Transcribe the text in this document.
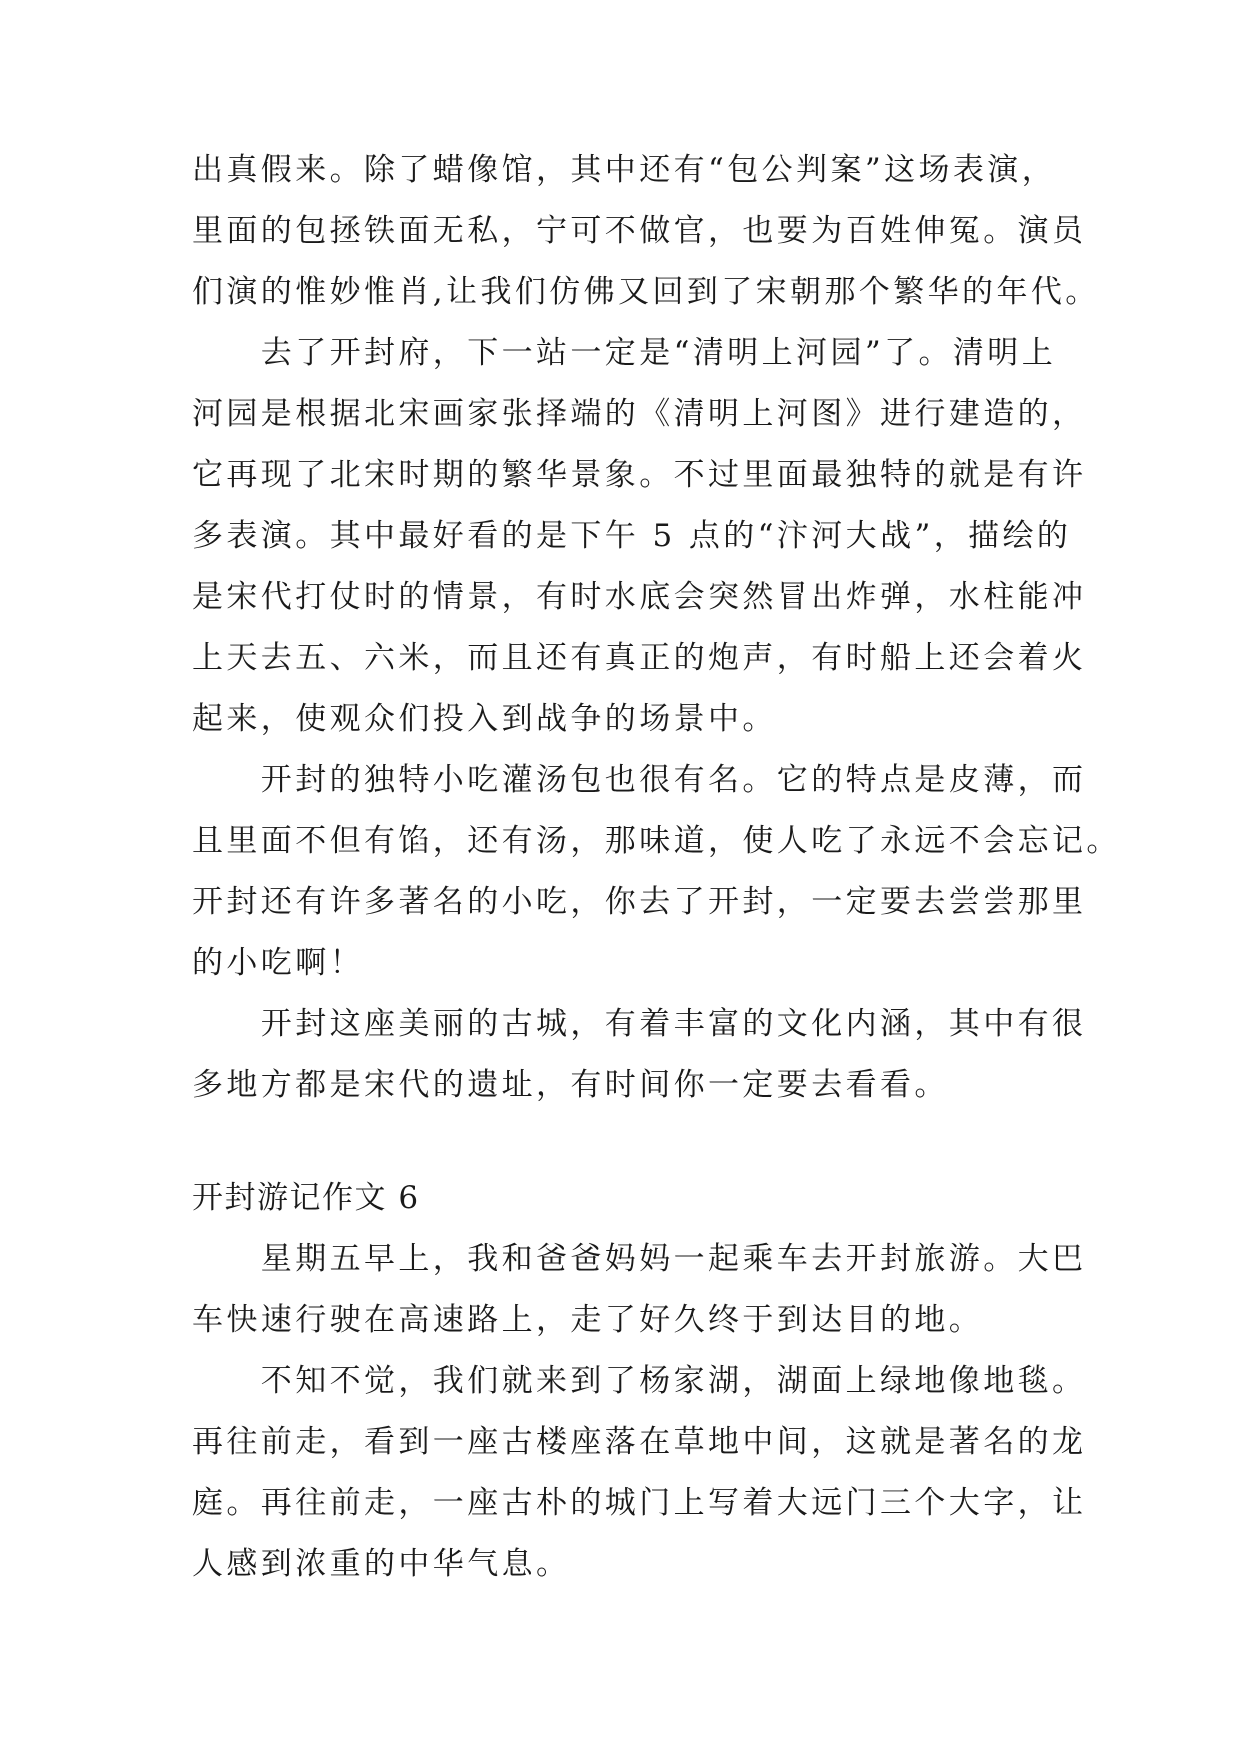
出真假来。除了蜡像馆，其中还有“包公判案”这场表演，
里面的包拯铁面无私，宁可不做官，也要为百姓伸冤。演员
们演的惟妙惟肖,让我们仿佛又回到了宋朝那个繁华的年代。
　　去了开封府，下一站一定是“清明上河园”了。清明上
河园是根据北宋画家张择端的《清明上河图》进行建造的，
它再现了北宋时期的繁华景象。不过里面最独特的就是有许
多表演。其中最好看的是下午 5 点的“汴河大战”，描绘的
是宋代打仗时的情景，有时水底会突然冒出炸弹，水柱能冲
上天去五、六米，而且还有真正的炮声，有时船上还会着火
起来，使观众们投入到战争的场景中。
　　开封的独特小吃灌汤包也很有名。它的特点是皮薄，而
且里面不但有馅，还有汤，那味道，使人吃了永远不会忘记。
开封还有许多著名的小吃，你去了开封，一定要去尝尝那里
的小吃啊！
　　开封这座美丽的古城，有着丰富的文化内涵，其中有很
多地方都是宋代的遗址，有时间你一定要去看看。
开封游记作文 6
　　星期五早上，我和爸爸妈妈一起乘车去开封旅游。大巴
车快速行驶在高速路上，走了好久终于到达目的地。
　　不知不觉，我们就来到了杨家湖，湖面上绿地像地毯。
再往前走，看到一座古楼座落在草地中间，这就是著名的龙
庭。再往前走，一座古朴的城门上写着大远门三个大字，让
人感到浓重的中华气息。
